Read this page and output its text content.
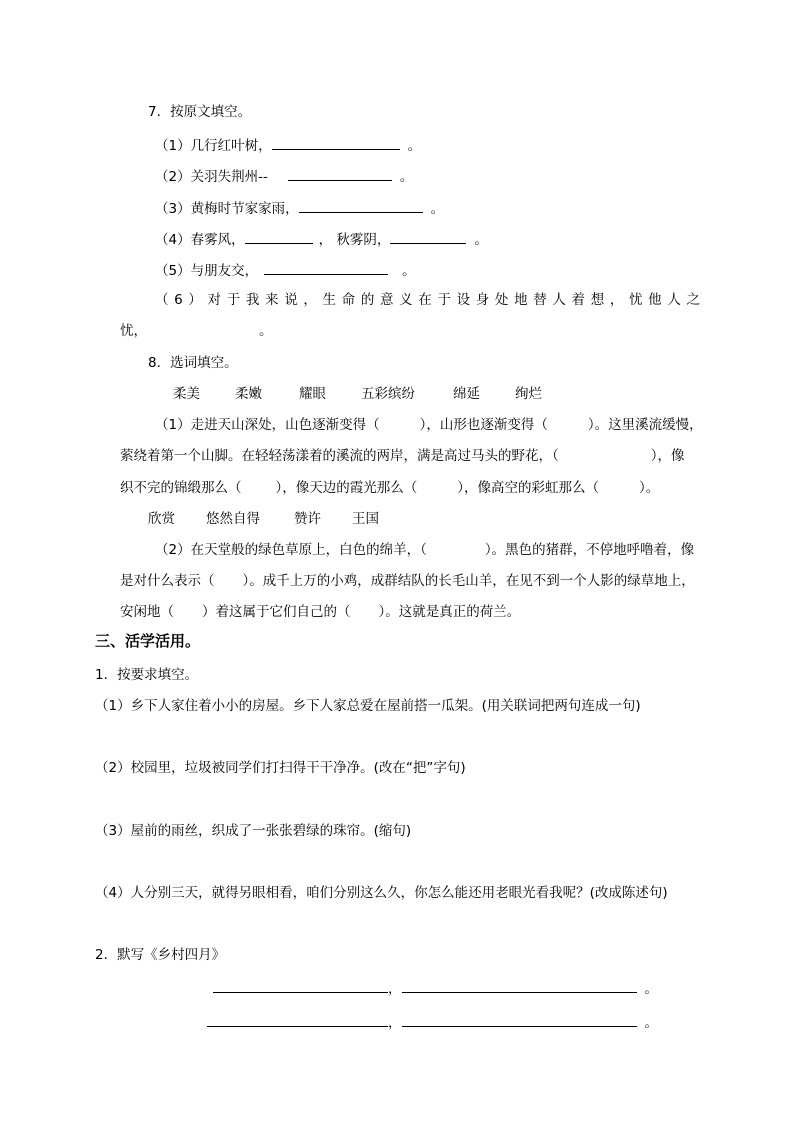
7．按原文填空。
（1）几行红叶树，	。
（2）关羽失荆州--	。
（3）黄梅时节家家雨，	。
（4）春雾风，	， 秋雾阴，	。
（5）与朋友交，	。
（6）对于我来说，生命的意义在于设身处地替人着想，忧他人之
忧，	。
8．选词填空。
柔美	柔嫩	耀眼	五彩缤纷	绵延	绚烂
（1）走进天山深处，山色逐渐变得（	），山形也逐渐变得（	）。这里溪流缓慢，
萦绕着第一个山脚。在轻轻荡漾着的溪流的两岸，满是高过马头的野花，（	），像
织不完的锦缎那么（	），像天边的霞光那么（	），像高空的彩虹那么（	）。
欣赏 悠然自得	赞许 王国
（2）在天堂般的绿色草原上，白色的绵羊，（	）。黑色的猪群，不停地呼噜着，像
是对什么表示（ ）。成千上万的小鸡，成群结队的长毛山羊，在见不到一个人影的绿草地上，
安闲地（ ）着这属于它们自己的（ ）。这就是真正的荷兰。
三、活学活用。
1．按要求填空。
（1）乡下人家住着小小的房屋。乡下人家总爱在屋前搭一瓜架。(用关联词把两句连成一句)
（2）校园里，垃圾被同学们打扫得干干净净。(改在“把”字句)
（3）屋前的雨丝，织成了一张张碧绿的珠帘。(缩句)
（4）人分别三天，就得另眼相看，咱们分别这么久，你怎么能还用老眼光看我呢？(改成陈述句)
2．默写《乡村四月》
，	。
，	。
